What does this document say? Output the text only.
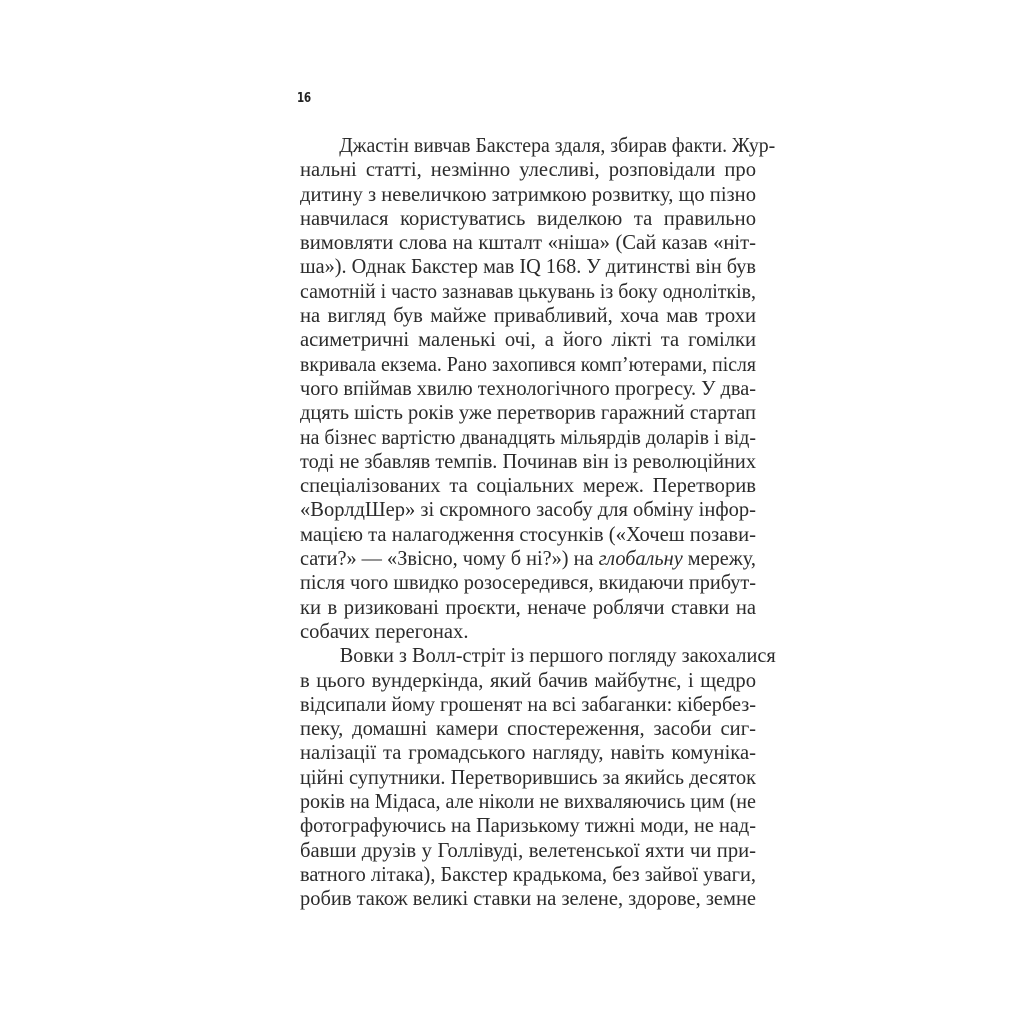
16
Джастін вивчав Бакстера здаля, збирав факти. Жур-
нальні статті, незмінно улесливі, розповідали про
дитину з невеличкою затримкою розвитку, що пізно
навчилася користуватись виделкою та правильно
вимовляти слова на кшталт «ніша» (Сай казав «ніт-
ша»). Однак Бакстер мав IQ 168. У дитинстві він був
самотній і часто зазнавав цькувань із боку однолітків,
на вигляд був майже привабливий, хоча мав трохи
асиметричні маленькі очі, а його лікті та гомілки
вкривала екзема. Рано захопився комп’ютерами, після
чого впіймав хвилю технологічного прогресу. У два-
дцять шість років уже перетворив гаражний стартап
на бізнес вартістю дванадцять мільярдів доларів і від-
тоді не збавляв темпів. Починав він із революційних
спеціалізованих та соціальних мереж. Перетворив
«ВорлдШер» зі скромного засобу для обміну інфор-
мацією та налагодження стосунків («Хочеш позави-
сати?» — «Звісно, чому б ні?») на глобальну мережу,
після чого швидко розосередився, вкидаючи прибут-
ки в ризиковані проєкти, неначе роблячи ставки на
собачих перегонах.
Вовки з Волл-стріт із першого погляду закохалися
в цього вундеркінда, який бачив майбутнє, і щедро
відсипали йому грошенят на всі забаганки: кібербез-
пеку, домашні камери спостереження, засоби сиг-
налізації та громадського нагляду, навіть комуніка-
ційні супутники. Перетворившись за якийсь десяток
років на Мідаса, але ніколи не вихваляючись цим (не
фотографуючись на Паризькому тижні моди, не над-
бавши друзів у Голлівуді, велетенської яхти чи при-
ватного літака), Бакстер крадькома, без зайвої уваги,
робив також великі ставки на зелене, здорове, земне
